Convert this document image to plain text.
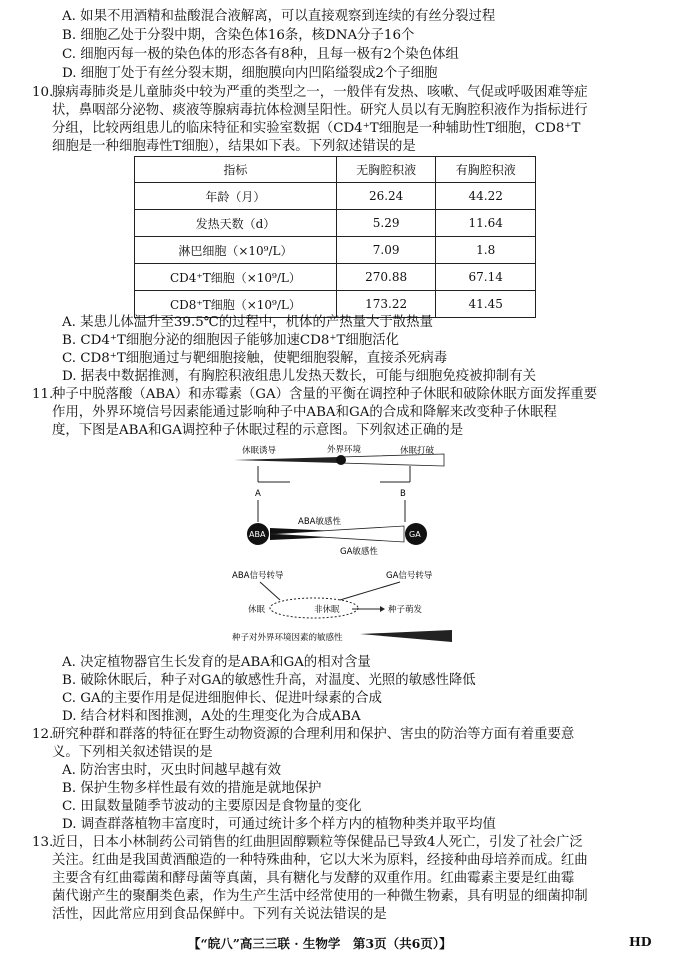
A. 如果不用酒精和盐酸混合液解离，可以直接观察到连续的有丝分裂过程
B. 细胞乙处于分裂中期，含染色体16条，核DNA分子16个
C. 细胞丙每一极的染色体的形态各有8种，且每一极有2个染色体组
D. 细胞丁处于有丝分裂末期，细胞膜向内凹陷缢裂成2个子细胞
10.
腺病毒肺炎是儿童肺炎中较为严重的类型之一，一般伴有发热、咳嗽、气促或呼吸困难等症
状，鼻咽部分泌物、痰液等腺病毒抗体检测呈阳性。研究人员以有无胸腔积液作为指标进行
分组，比较两组患儿的临床特征和实验室数据（CD4⁺T细胞是一种辅助性T细胞，CD8⁺T
细胞是一种细胞毒性T细胞），结果如下表。下列叙述错误的是
指标	无胸腔积液	有胸腔积液
年龄（月）	26.24	44.22
发热天数（d）	5.29	11.64
淋巴细胞（×10⁹/L）	7.09	1.8
CD4⁺T细胞（×10⁹/L）	270.88	67.14
CD8⁺T细胞（×10⁹/L）	173.22	41.45
A. 某患儿体温升至39.5℃的过程中，机体的产热量大于散热量
B. CD4⁺T细胞分泌的细胞因子能够加速CD8⁺T细胞活化
C. CD8⁺T细胞通过与靶细胞接触，使靶细胞裂解，直接杀死病毒
D. 据表中数据推测，有胸腔积液组患儿发热天数长，可能与细胞免疫被抑制有关
11.
种子中脱落酸（ABA）和赤霉素（GA）含量的平衡在调控种子休眠和破除休眠方面发挥重要
作用，外界环境信号因素能通过影响种子中ABA和GA的合成和降解来改变种子休眠程
度，下图是ABA和GA调控种子休眠过程的示意图。下列叙述正确的是
休眠诱导	外界环境	休眠打破
A	B
ABA	GA
ABA敏感性
GA敏感性
ABA信号转导	GA信号转导
休眠	非休眠	种子萌发
种子对外界环境因素的敏感性
A. 决定植物器官生长发育的是ABA和GA的相对含量
B. 破除休眠后，种子对GA的敏感性升高，对温度、光照的敏感性降低
C. GA的主要作用是促进细胞伸长、促进叶绿素的合成
D. 结合材料和图推测，A处的生理变化为合成ABA
12.
研究种群和群落的特征在野生动物资源的合理利用和保护、害虫的防治等方面有着重要意
义。下列相关叙述错误的是
A. 防治害虫时，灭虫时间越早越有效
B. 保护生物多样性最有效的措施是就地保护
C. 田鼠数量随季节波动的主要原因是食物量的变化
D. 调查群落植物丰富度时，可通过统计多个样方内的植物种类并取平均值
13.
近日，日本小林制药公司销售的红曲胆固醇颗粒等保健品已导致4人死亡，引发了社会广泛
关注。红曲是我国黄酒酿造的一种特殊曲种，它以大米为原料，经接种曲母培养而成。红曲
主要含有红曲霉菌和酵母菌等真菌，具有糖化与发酵的双重作用。红曲霉素主要是红曲霉
菌代谢产生的聚酮类色素，作为生产生活中经常使用的一种微生物素，具有明显的细菌抑制
活性，因此常应用到食品保鲜中。下列有关说法错误的是
【“皖八”高三三联 · 生物学　第3页（共6页）】	HD
